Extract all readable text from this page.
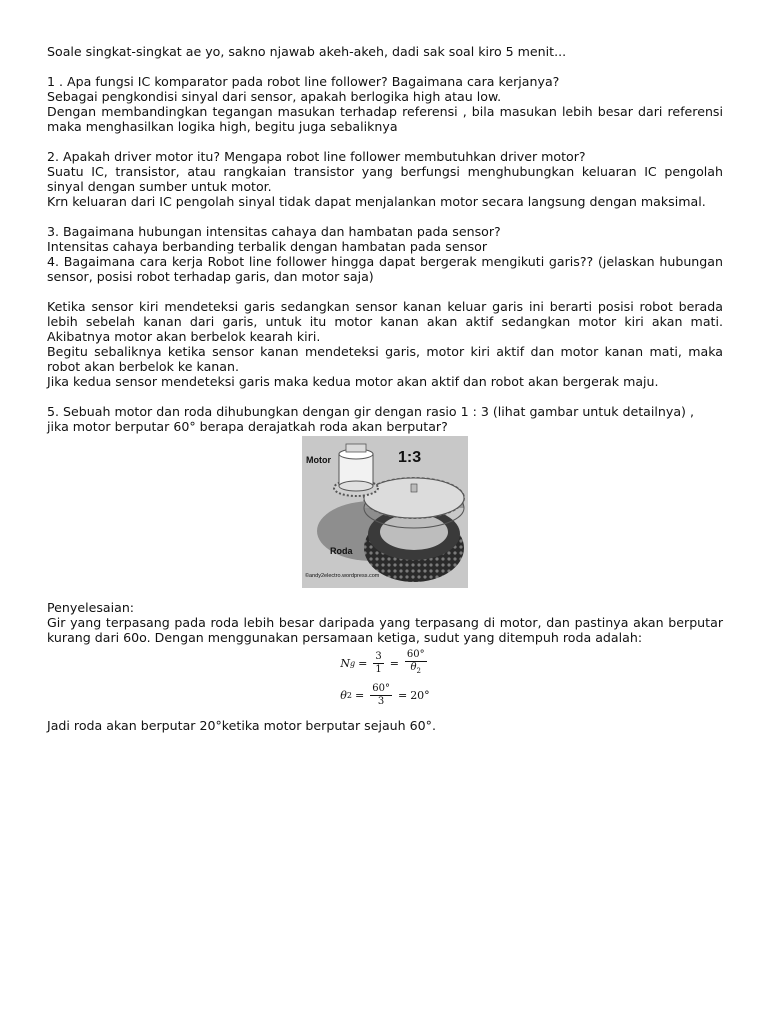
Soale singkat-singkat ae yo, sakno njawab akeh-akeh, dadi sak soal kiro 5 menit...
1 . Apa fungsi IC komparator pada robot line follower? Bagaimana cara kerjanya?
Sebagai pengkondisi sinyal dari sensor, apakah berlogika high atau low.
Dengan membandingkan tegangan masukan terhadap referensi , bila masukan lebih besar dari referensi
maka menghasilkan logika high, begitu juga sebaliknya
2. Apakah driver motor itu? Mengapa robot line follower membutuhkan driver motor?
Suatu IC, transistor, atau rangkaian transistor yang berfungsi menghubungkan keluaran IC pengolah
sinyal dengan sumber untuk motor.
Krn keluaran dari IC pengolah sinyal tidak dapat menjalankan motor secara langsung dengan maksimal.
3. Bagaimana hubungan intensitas cahaya dan hambatan pada sensor?
Intensitas cahaya berbanding terbalik dengan hambatan pada sensor
4. Bagaimana cara kerja Robot line follower hingga dapat bergerak mengikuti garis?? (jelaskan hubungan
sensor, posisi robot terhadap garis, dan motor saja)
Ketika sensor kiri mendeteksi garis sedangkan sensor kanan keluar garis ini berarti posisi robot berada
lebih sebelah kanan dari garis, untuk itu motor kanan akan aktif sedangkan motor kiri akan mati.
Akibatnya motor akan berbelok kearah kiri.
Begitu sebaliknya ketika sensor kanan mendeteksi garis, motor kiri aktif dan motor kanan mati, maka
robot akan berbelok ke kanan.
Jika kedua sensor mendeteksi garis maka kedua motor akan aktif dan robot akan bergerak maju.
5. Sebuah motor dan roda dihubungkan dengan gir dengan rasio 1 : 3 (lihat gambar untuk detailnya) ,
jika motor berputar 60° berapa derajatkah roda akan berputar?
Motor	1:3
Roda
©andy2electro.wordpress.com
Penyelesaian:
Gir yang terpasang pada roda lebih besar daripada yang terpasang di motor, dan pastinya akan berputar
kurang dari 60o. Dengan menggunakan persamaan ketiga, sudut yang ditempuh roda adalah:
N $g = \frac{3}{1} = \frac{60^\circ}{\theta_2}$
θ $2 = \frac{60^\circ}{3} = 20^\circ$
Jadi roda akan berputar 20°ketika motor berputar sejauh 60°.
